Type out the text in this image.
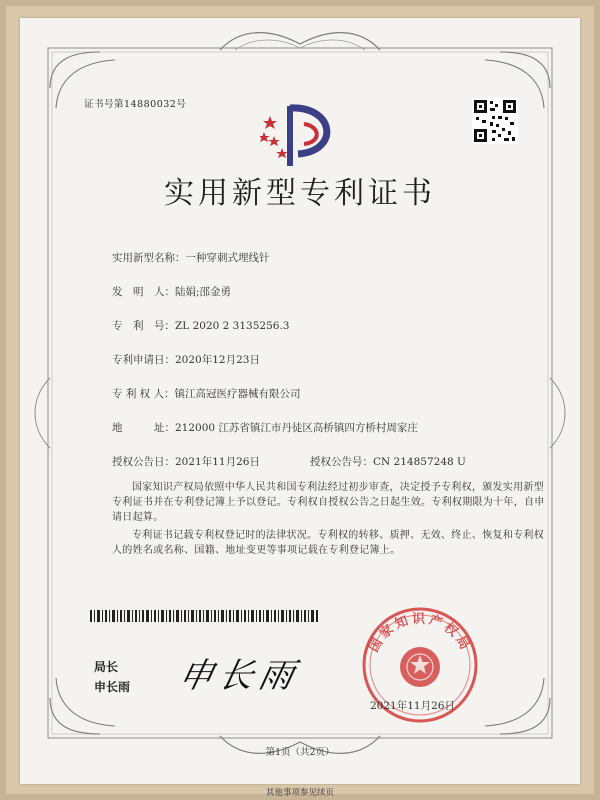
证书号第14880032号
实用新型专利证书
实用新型名称：一种穿刺式埋线针
发　明　人：陆娟;邵金勇
专　利　号：ZL 2020 2 3135256.3
专利申请日：2020年12月23日
专 利 权 人：镇江高冠医疗器械有限公司
地　　　址：212000 江苏省镇江市丹徒区高桥镇四方桥村周家庄
授权公告日：2021年11月26日	授权公告号：CN 214857248 U
国家知识产权局依照中华人民共和国专利法经过初步审查，决定授予专利权，颁发实用新型专利证书并在专利登记簿上予以登记。专利权自授权公告之日起生效。专利权期限为十年，自申请日起算。
专利证书记载专利权登记时的法律状况。专利权的转移、质押、无效、终止、恢复和专利权人的姓名或名称、国籍、地址变更等事项记载在专利登记簿上。
局长
申长雨 申长雨
国家知识产权局
2021年11月26日
第1页（共2页）
其他事项参见续页
